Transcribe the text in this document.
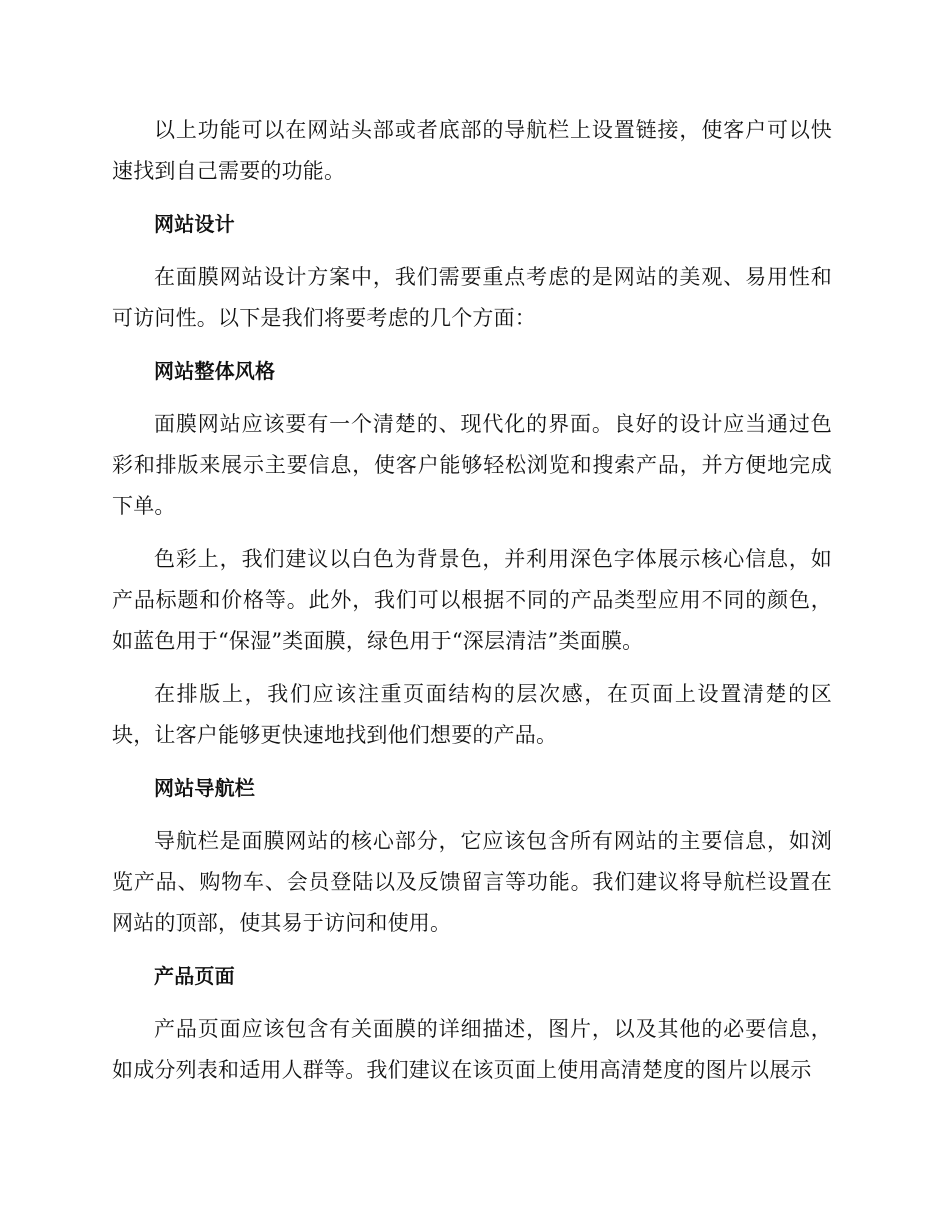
以上功能可以在网站头部或者底部的导航栏上设置链接，使客户可以快速找到自己需要的功能。

网站设计

在面膜网站设计方案中，我们需要重点考虑的是网站的美观、易用性和可访问性。以下是我们将要考虑的几个方面：

网站整体风格

面膜网站应该要有一个清楚的、现代化的界面。良好的设计应当通过色彩和排版来展示主要信息，使客户能够轻松浏览和搜索产品，并方便地完成下单。

色彩上，我们建议以白色为背景色，并利用深色字体展示核心信息，如产品标题和价格等。此外，我们可以根据不同的产品类型应用不同的颜色，如蓝色用于“保湿”类面膜，绿色用于“深层清洁”类面膜。

在排版上，我们应该注重页面结构的层次感，在页面上设置清楚的区块，让客户能够更快速地找到他们想要的产品。

网站导航栏

导航栏是面膜网站的核心部分，它应该包含所有网站的主要信息，如浏览产品、购物车、会员登陆以及反馈留言等功能。我们建议将导航栏设置在网站的顶部，使其易于访问和使用。

产品页面

产品页面应该包含有关面膜的详细描述，图片，以及其他的必要信息，如成分列表和适用人群等。我们建议在该页面上使用高清楚度的图片以展示
